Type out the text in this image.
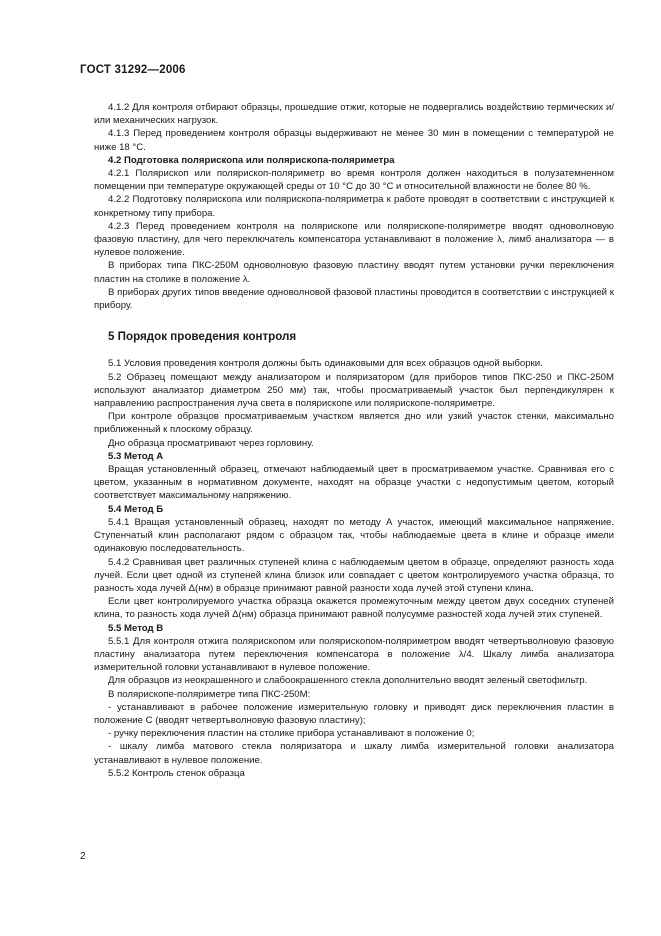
ГОСТ 31292—2006

4.1.2 Для контроля отбирают образцы, прошедшие отжиг, которые не подвергались воздействию термических и/или механических нагрузок.

4.1.3 Перед проведением контроля образцы выдерживают не менее 30 мин в помещении с температурой не ниже 18 °С.

4.2 Подготовка полярископа или полярископа-поляриметра

4.2.1 Полярископ или полярископ-поляриметр во время контроля должен находиться в полузатемненном помещении при температуре окружающей среды от 10 °С до 30 °С и относительной влажности не более 80 %.

4.2.2 Подготовку полярископа или полярископа-поляриметра к работе проводят в соответствии с инструкцией к конкретному типу прибора.

4.2.3 Перед проведением контроля на полярископе или полярископе-поляриметре вводят одноволновую фазовую пластину, для чего переключатель компенсатора устанавливают в положение λ, лимб анализатора — в нулевое положение.

В приборах типа ПКС-250М одноволновую фазовую пластину вводят путем установки ручки переключения пластин на столике в положение λ.

В приборах других типов введение одноволновой фазовой пластины проводится в соответствии с инструкцией к прибору.

5 Порядок проведения контроля

5.1 Условия проведения контроля должны быть одинаковыми для всех образцов одной выборки.

5.2 Образец помещают между анализатором и поляризатором (для приборов типов ПКС-250 и ПКС-250М используют анализатор диаметром 250 мм) так, чтобы просматриваемый участок был перпендикулярен к направлению распространения луча света в полярископе или полярископе-поляриметре.

При контроле образцов просматриваемым участком является дно или узкий участок стенки, максимально приближенный к плоскому образцу.

Дно образца просматривают через горловину.

5.3 Метод А

Вращая установленный образец, отмечают наблюдаемый цвет в просматриваемом участке. Сравнивая его с цветом, указанным в нормативном документе, находят на образце участки с недопустимым цветом, который соответствует максимальному напряжению.

5.4 Метод Б

5.4.1 Вращая установленный образец, находят по методу А участок, имеющий максимальное напряжение. Ступенчатый клин располагают рядом с образцом так, чтобы наблюдаемые цвета в клине и образце имели одинаковую последовательность.

5.4.2 Сравнивая цвет различных ступеней клина с наблюдаемым цветом в образце, определяют разность хода лучей. Если цвет одной из ступеней клина близок или совпадает с цветом контролируемого участка образца, то разность хода лучей Δ(нм) в образце принимают равной разности хода лучей этой ступени клина.

Если цвет контролируемого участка образца окажется промежуточным между цветом двух соседних ступеней клина, то разность хода лучей Δ(нм) образца принимают равной полусумме разностей хода лучей этих ступеней.

5.5 Метод В

5.5.1 Для контроля отжига полярископом или полярископом-поляриметром вводят четвертьволновую фазовую пластину анализатора путем переключения компенсатора в положение λ/4. Шкалу лимба анализатора измерительной головки устанавливают в нулевое положение.

Для образцов из неокрашенного и слабоокрашенного стекла дополнительно вводят зеленый светофильтр.

В полярископе-поляриметре типа ПКС-250М:

- устанавливают в рабочее положение измерительную головку и приводят диск переключения пластин в положение С (вводят четвертьволновую фазовую пластину);

- ручку переключения пластин на столике прибора устанавливают в положение 0;

- шкалу лимба матового стекла поляризатора и шкалу лимба измерительной головки анализатора устанавливают в нулевое положение.

5.5.2 Контроль стенок образца

2
